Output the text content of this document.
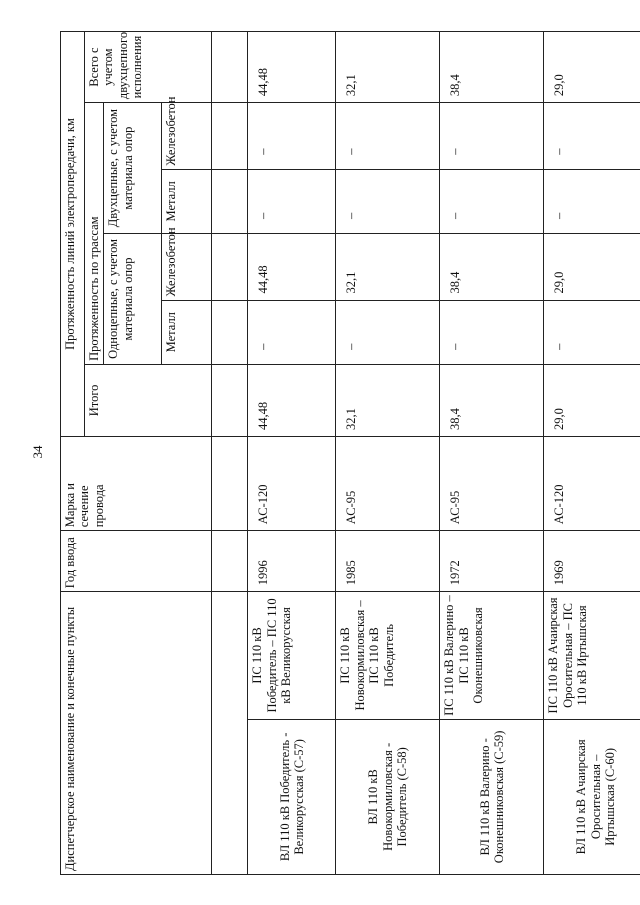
34
Диспетчерское наименование и конечные пункты		Год ввода	Марка и сечение провода	Протяженность линий электропередачи, км					
				Итого	Протяженность по трассам				Всего с учетом двухцепного исполнения
					Одноцепные, с учетом материала опор		Двухцепные, с учетом материала опор		
					Металл	Железобетон	Металл	Железобетон	

ВЛ 110 кВ Победитель - Великорусская (С-57)	ПС 110 кВ Победитель – ПС 110 кВ Великорусская	1996	АС-120	44,48	–	44,48	–	–	44,48
ВЛ 110 кВ Новокормиловская - Победитель (С-58)	ПС 110 кВ Новокормиловская – ПС 110 кВ Победитель	1985	АС-95	32,1	–	32,1	–	–	32,1
ВЛ 110 кВ Валерино - Оконешниковская (С-59)	ПС 110 кВ Валерино – ПС 110 кВ Оконешниковская	1972	АС-95	38,4	–	38,4	–	–	38,4
ВЛ 110 кВ Ачаирская Оросительная – Иртышская (С-60)	ПС 110 кВ Ачаирская Оросительная – ПС 110 кВ Иртышская	1969	АС-120	29,0	–	29,0	–	–	29,0
